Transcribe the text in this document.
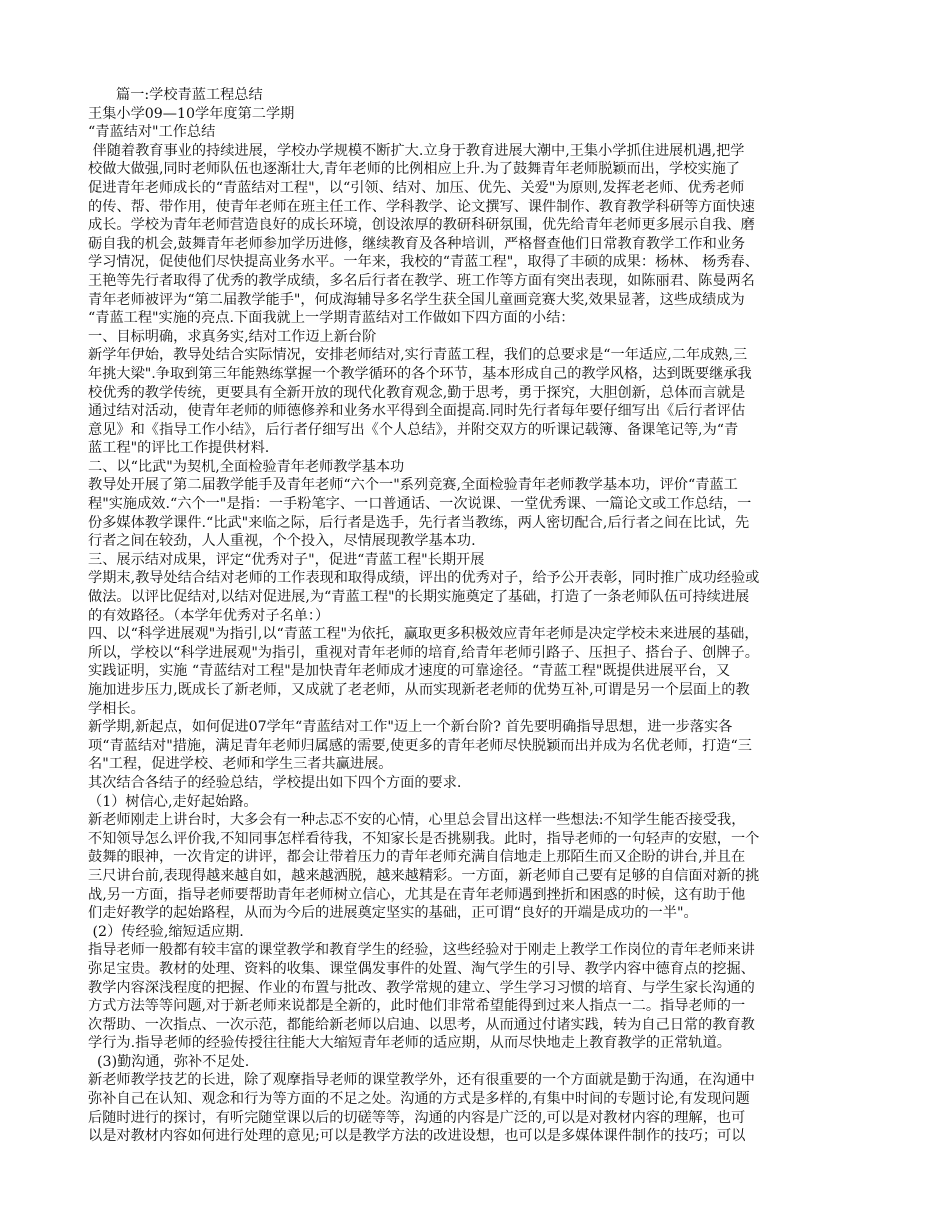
篇一:学校青蓝工程总结
王集小学09—10学年度第二学期
“青蓝结对"工作总结
伴随着教育事业的持续进展，学校办学规模不断扩大.立身于教育进展大潮中,王集小学抓住进展机遇,把学
校做大做强,同时老师队伍也逐渐壮大,青年老师的比例相应上升.为了鼓舞青年老师脱颖而出，学校实施了
促进青年老师成长的“青蓝结对工程"，以“引领、结对、加压、优先、关爱"为原则,发挥老老师、优秀老师
的传、帮、带作用，使青年老师在班主任工作、学科教学、论文撰写、课件制作、教育教学科研等方面快速
成长。学校为青年老师营造良好的成长环境，创设浓厚的教研科研氛围，优先给青年老师更多展示自我、磨
砺自我的机会,鼓舞青年老师参加学历进修，继续教育及各种培训，严格督查他们日常教育教学工作和业务
学习情况，促使他们尽快提高业务水平。一年来，我校的“青蓝工程"，取得了丰硕的成果：杨林、 杨秀春、
王艳等先行者取得了优秀的教学成绩，多名后行者在教学、班工作等方面有突出表现，如陈丽君、陈曼两名
青年老师被评为“第二届教学能手"，何成海辅导多名学生获全国儿童画竞赛大奖,效果显著，这些成绩成为
“青蓝工程"实施的亮点.下面我就上一学期青蓝结对工作做如下四方面的小结：
一、目标明确，求真务实,结对工作迈上新台阶
新学年伊始，教导处结合实际情况，安排老师结对,实行青蓝工程，我们的总要求是“一年适应,二年成熟,三
年挑大梁".争取到第三年能熟练掌握一个教学循环的各个环节，基本形成自己的教学风格，达到既要继承我
校优秀的教学传统，更要具有全新开放的现代化教育观念,勤于思考，勇于探究，大胆创新，总体而言就是
通过结对活动，使青年老师的师德修养和业务水平得到全面提高.同时先行者每年要仔细写出《后行者评估
意见》和《指导工作小结》，后行者仔细写出《个人总结》，并附交双方的听课记载簿、备课笔记等,为“青
蓝工程"的评比工作提供材料.
二、以“比武"为契机,全面检验青年老师教学基本功
教导处开展了第二届教学能手及青年老师“六个一"系列竞赛,全面检验青年老师教学基本功，评价“青蓝工
程"实施成效.“六个一"是指：一手粉笔字、一口普通话、一次说课、一堂优秀课、一篇论文或工作总结，一
份多媒体教学课件.“比武"来临之际，后行者是选手，先行者当教练，两人密切配合,后行者之间在比试，先
行者之间在较劲，人人重视，个个投入，尽情展现教学基本功.
三、展示结对成果，评定“优秀对子"，促进“青蓝工程"长期开展
学期末,教导处结合结对老师的工作表现和取得成绩，评出的优秀对子，给予公开表彰，同时推广成功经验或
做法。以评比促结对,以结对促进展,为“青蓝工程"的长期实施奠定了基础，打造了一条老师队伍可持续进展
的有效路径。（本学年优秀对子名单：）
四、以“科学进展观"为指引,以“青蓝工程"为依托，赢取更多积极效应青年老师是决定学校未来进展的基础，
所以，学校以“科学进展观"为指引，重视对青年老师的培育,给青年老师引路子、压担子、搭台子、创牌子。
实践证明，实施 “青蓝结对工程"是加快青年老师成才速度的可靠途径。“青蓝工程"既提供进展平台，又
施加进步压力,既成长了新老师，又成就了老老师，从而实现新老老师的优势互补,可谓是另一个层面上的教
学相长。
新学期,新起点，如何促进07学年“青蓝结对工作"迈上一个新台阶? 首先要明确指导思想，进一步落实各
项“青蓝结对"措施，满足青年老师归属感的需要,使更多的青年老师尽快脱颖而出并成为名优老师，打造“三
名"工程，促进学校、老师和学生三者共赢进展。
其次结合各结子的经验总结，学校提出如下四个方面的要求.
（1）树信心,走好起始路。
新老师刚走上讲台时，大多会有一种忐忑不安的心情，心里总会冒出这样一些想法:不知学生能否接受我，
不知领导怎么评价我,不知同事怎样看待我，不知家长是否挑剔我。此时，指导老师的一句轻声的安慰，一个
鼓舞的眼神，一次肯定的讲评，都会让带着压力的青年老师充满自信地走上那陌生而又企盼的讲台,并且在
三尺讲台前,表现得越来越自如，越来越洒脱，越来越精彩。一方面，新老师自己要有足够的自信面对新的挑
战,另一方面，指导老师要帮助青年老师树立信心，尤其是在青年老师遇到挫折和困惑的时候，这有助于他
们走好教学的起始路程，从而为今后的进展奠定坚实的基础，正可谓“良好的开端是成功的一半"。
(2）传经验,缩短适应期.
指导老师一般都有较丰富的课堂教学和教育学生的经验，这些经验对于刚走上教学工作岗位的青年老师来讲
弥足宝贵。教材的处理、资料的收集、课堂偶发事件的处置、淘气学生的引导、教学内容中德育点的挖掘、
教学内容深浅程度的把握、作业的布置与批改、教学常规的建立、学生学习习惯的培育、与学生家长沟通的
方式方法等等问题,对于新老师来说都是全新的，此时他们非常希望能得到过来人指点一二。指导老师的一
次帮助、一次指点、一次示范，都能给新老师以启迪、以思考，从而通过付诸实践，转为自己日常的教育教
学行为.指导老师的经验传授往往能大大缩短青年老师的适应期，从而尽快地走上教育教学的正常轨道。
(3)勤沟通，弥补不足处.
新老师教学技艺的长进，除了观摩指导老师的课堂教学外，还有很重要的一个方面就是勤于沟通，在沟通中
弥补自己在认知、观念和行为等方面的不足之处。沟通的方式是多样的,有集中时间的专题讨论,有发现问题
后随时进行的探讨，有听完随堂课以后的切磋等等，沟通的内容是广泛的,可以是对教材内容的理解，也可
以是对教材内容如何进行处理的意见;可以是教学方法的改进设想，也可以是多媒体课件制作的技巧；可以
